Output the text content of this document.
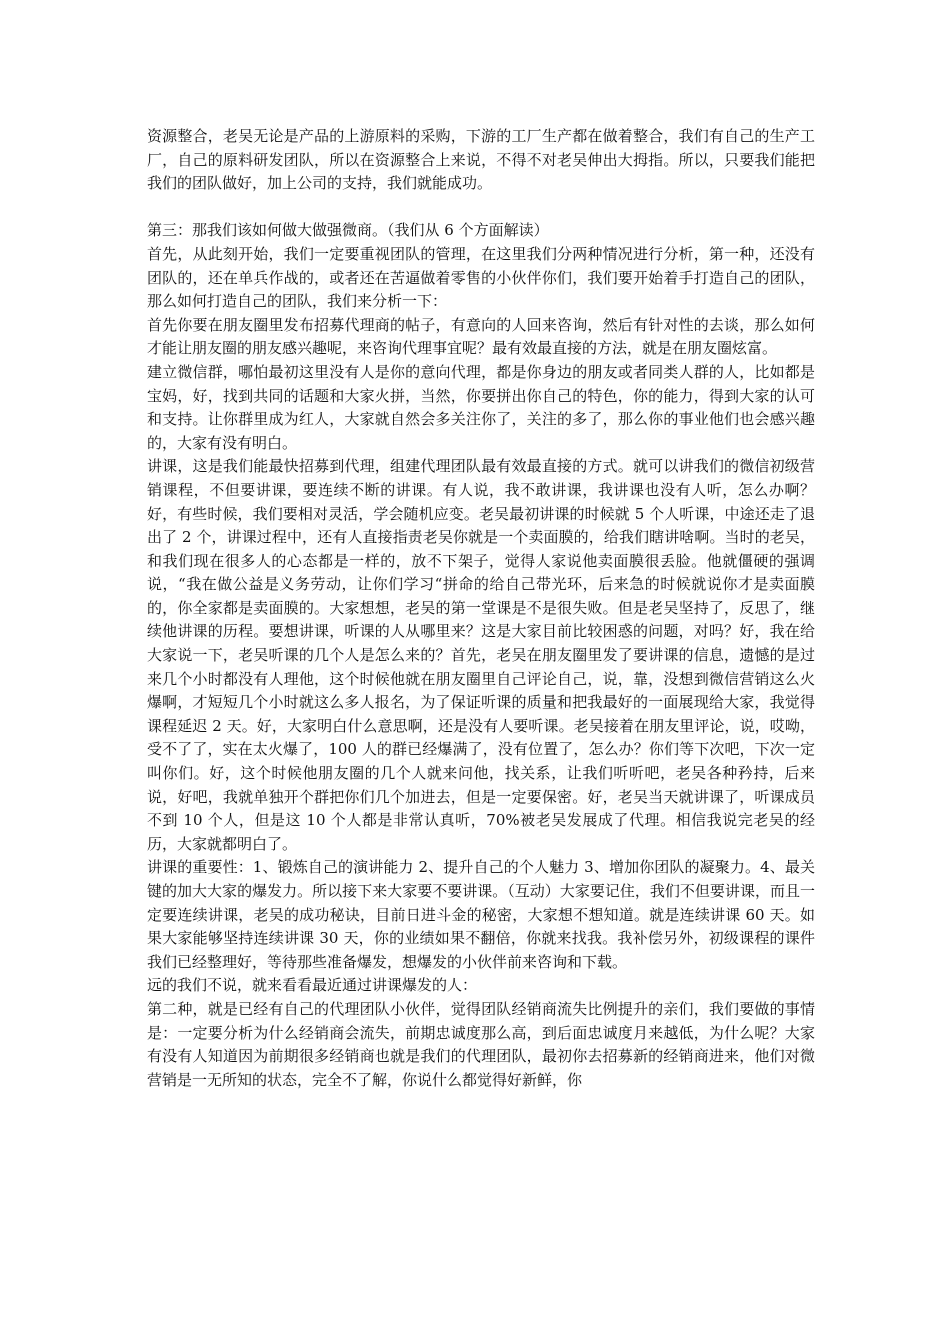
资源整合，老吴无论是产品的上游原料的采购，下游的工厂生产都在做着整合，我们有自己的生产工厂，自己的原料研发团队，所以在资源整合上来说，不得不对老吴伸出大拇指。所以，只要我们能把我们的团队做好，加上公司的支持，我们就能成功。

第三：那我们该如何做大做强微商。（我们从 6 个方面解读）

首先，从此刻开始，我们一定要重视团队的管理，在这里我们分两种情况进行分析，第一种，还没有团队的，还在单兵作战的，或者还在苦逼做着零售的小伙伴你们，我们要开始着手打造自己的团队，那么如何打造自己的团队，我们来分析一下：

首先你要在朋友圈里发布招募代理商的帖子，有意向的人回来咨询，然后有针对性的去谈，那么如何才能让朋友圈的朋友感兴趣呢，来咨询代理事宜呢？最有效最直接的方法，就是在朋友圈炫富。

建立微信群，哪怕最初这里没有人是你的意向代理，都是你身边的朋友或者同类人群的人，比如都是宝妈，好，找到共同的话题和大家火拼，当然，你要拼出你自己的特色，你的能力，得到大家的认可和支持。让你群里成为红人，大家就自然会多关注你了，关注的多了，那么你的事业他们也会感兴趣的，大家有没有明白。

讲课，这是我们能最快招募到代理，组建代理团队最有效最直接的方式。就可以讲我们的微信初级营销课程，不但要讲课，要连续不断的讲课。有人说，我不敢讲课，我讲课也没有人听，怎么办啊？好，有些时候，我们要相对灵活，学会随机应变。老吴最初讲课的时候就 5 个人听课，中途还走了退出了 2 个，讲课过程中，还有人直接指责老吴你就是一个卖面膜的，给我们瞎讲啥啊。当时的老吴，和我们现在很多人的心态都是一样的，放不下架子，觉得人家说他卖面膜很丢脸。他就僵硬的强调说，“我在做公益是义务劳动，让你们学习“拼命的给自己带光环，后来急的时候就说你才是卖面膜的，你全家都是卖面膜的。大家想想，老吴的第一堂课是不是很失败。但是老吴坚持了，反思了，继续他讲课的历程。要想讲课，听课的人从哪里来？这是大家目前比较困惑的问题，对吗？好，我在给大家说一下，老吴听课的几个人是怎么来的？首先，老吴在朋友圈里发了要讲课的信息，遗憾的是过来几个小时都没有人理他，这个时候他就在朋友圈里自己评论自己，说，靠，没想到微信营销这么火爆啊，才短短几个小时就这么多人报名，为了保证听课的质量和把我最好的一面展现给大家，我觉得课程延迟 2 天。好，大家明白什么意思啊，还是没有人要听课。老吴接着在朋友里评论，说，哎呦，受不了了，实在太火爆了，100 人的群已经爆满了，没有位置了，怎么办？你们等下次吧，下次一定叫你们。好，这个时候他朋友圈的几个人就来问他，找关系，让我们听听吧，老吴各种矜持，后来说，好吧，我就单独开个群把你们几个加进去，但是一定要保密。好，老吴当天就讲课了，听课成员不到 10 个人，但是这 10 个人都是非常认真听，70%被老吴发展成了代理。相信我说完老吴的经历，大家就都明白了。

讲课的重要性：1、锻炼自己的演讲能力 2、提升自己的个人魅力 3、增加你团队的凝聚力。4、最关键的加大大家的爆发力。所以接下来大家要不要讲课。（互动）大家要记住，我们不但要讲课，而且一定要连续讲课，老吴的成功秘诀，目前日进斗金的秘密，大家想不想知道。就是连续讲课 60 天。如果大家能够坚持连续讲课 30 天，你的业绩如果不翻倍，你就来找我。我补偿另外，初级课程的课件我们已经整理好，等待那些准备爆发，想爆发的小伙伴前来咨询和下载。

远的我们不说，就来看看最近通过讲课爆发的人：

第二种，就是已经有自己的代理团队小伙伴，觉得团队经销商流失比例提升的亲们，我们要做的事情是：一定要分析为什么经销商会流失，前期忠诚度那么高，到后面忠诚度月来越低，为什么呢？大家有没有人知道因为前期很多经销商也就是我们的代理团队，最初你去招募新的经销商进来，他们对微营销是一无所知的状态，完全不了解，你说什么都觉得好新鲜，你
